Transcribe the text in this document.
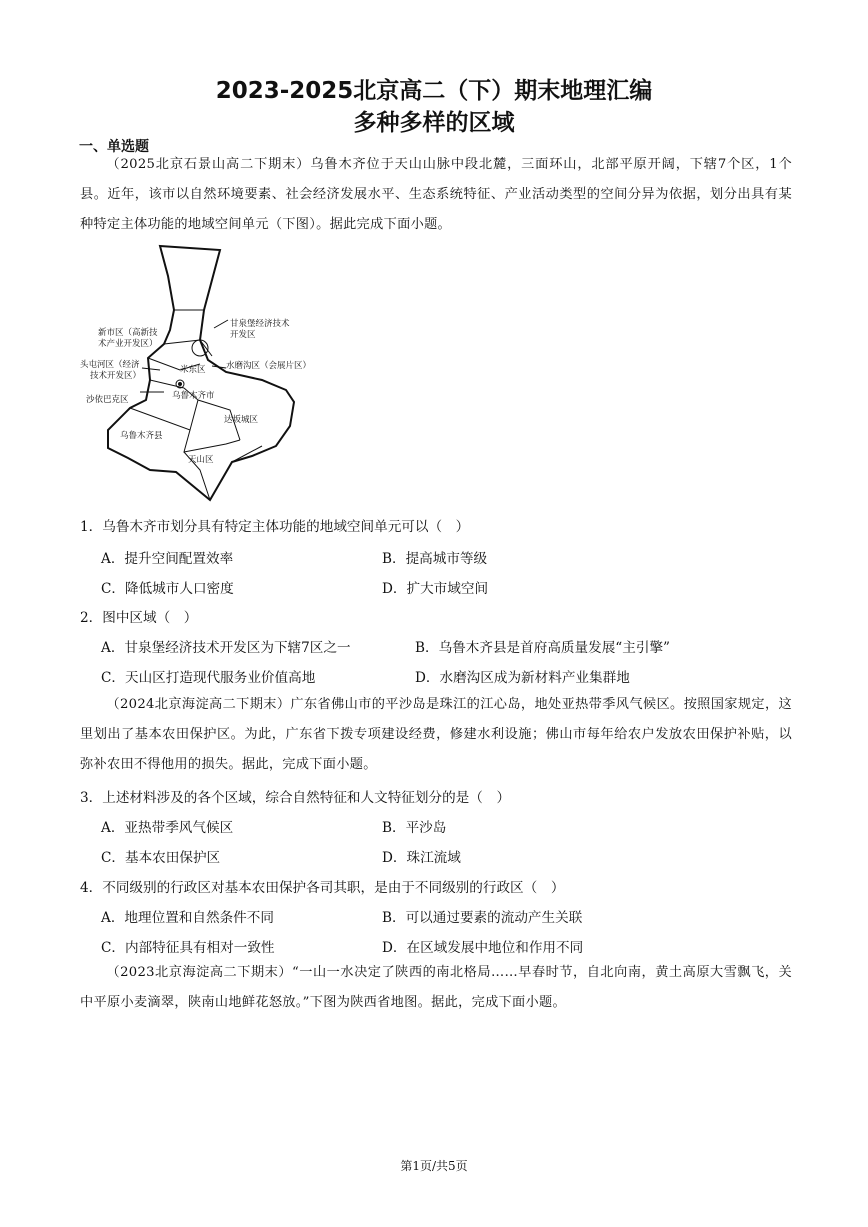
2023-2025北京高二（下）期末地理汇编
多种多样的区域
一、单选题
（2025北京石景山高二下期末）乌鲁木齐位于天山山脉中段北麓，三面环山，北部平原开阔，下辖7个区，1个县。近年，该市以自然环境要素、社会经济发展水平、生态系统特征、产业活动类型的空间分异为依据，划分出具有某种特定主体功能的地域空间单元（下图）。据此完成下面小题。
甘泉堡经济技术
开发区
新市区（高新技
术产业开发区）
头屯河区（经济
技术开发区）
水磨沟区（会展片区）
米东区
乌鲁木齐市
沙依巴克区
达坂城区
乌鲁木齐县
天山区
1．乌鲁木齐市划分具有特定主体功能的地域空间单元可以（　）
A．提升空间配置效率	B．提高城市等级
C．降低城市人口密度	D．扩大市域空间
2．图中区域（　）
A．甘泉堡经济技术开发区为下辖7区之一	B．乌鲁木齐县是首府高质量发展“主引擎”
C．天山区打造现代服务业价值高地	D．水磨沟区成为新材料产业集群地
（2024北京海淀高二下期末）广东省佛山市的平沙岛是珠江的江心岛，地处亚热带季风气候区。按照国家规定，这里划出了基本农田保护区。为此，广东省下拨专项建设经费，修建水利设施；佛山市每年给农户发放农田保护补贴，以弥补农田不得他用的损失。据此，完成下面小题。
3．上述材料涉及的各个区域，综合自然特征和人文特征划分的是（　）
A．亚热带季风气候区	B．平沙岛
C．基本农田保护区	D．珠江流域
4．不同级别的行政区对基本农田保护各司其职，是由于不同级别的行政区（　）
A．地理位置和自然条件不同	B．可以通过要素的流动产生关联
C．内部特征具有相对一致性	D．在区域发展中地位和作用不同
（2023北京海淀高二下期末）“一山一水决定了陕西的南北格局……早春时节，自北向南，黄土高原大雪飘飞，关中平原小麦滴翠，陕南山地鲜花怒放。”下图为陕西省地图。据此，完成下面小题。
第1页/共5页
